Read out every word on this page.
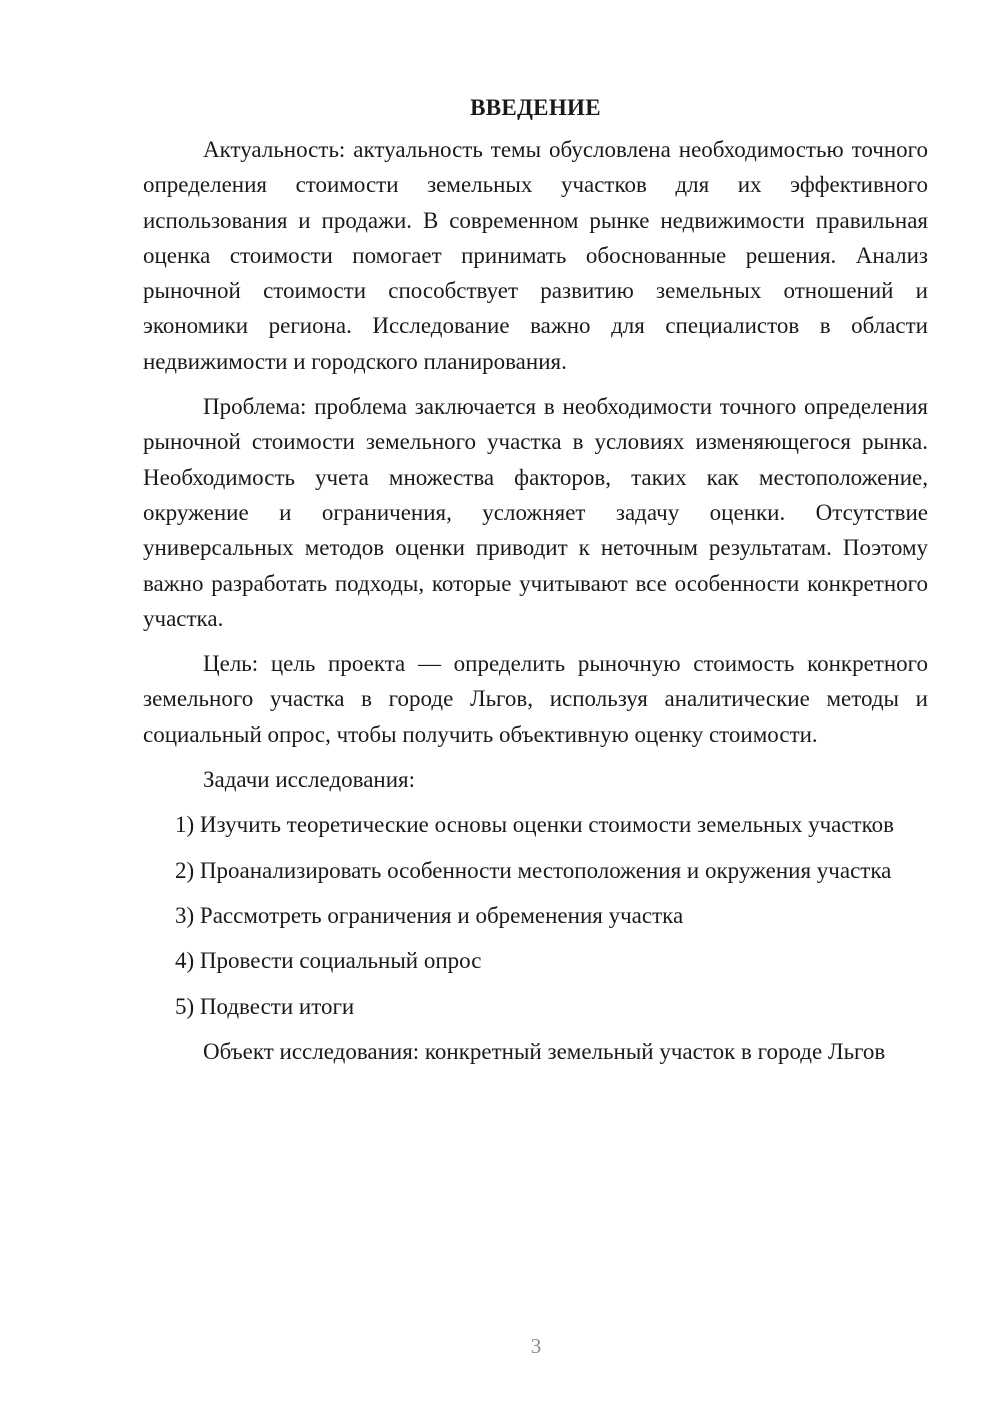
ВВЕДЕНИЕ

Актуальность: актуальность темы обусловлена необходимостью точного определения стоимости земельных участков для их эффективного использования и продажи. В современном рынке недвижимости правильная оценка стоимости помогает принимать обоснованные решения. Анализ рыночной стоимости способствует развитию земельных отношений и экономики региона. Исследование важно для специалистов в области недвижимости и городского планирования.

Проблема: проблема заключается в необходимости точного определения рыночной стоимости земельного участка в условиях изменяющегося рынка. Необходимость учета множества факторов, таких как местоположение, окружение и ограничения, усложняет задачу оценки. Отсутствие универсальных методов оценки приводит к неточным результатам. Поэтому важно разработать подходы, которые учитывают все особенности конкретного участка.

Цель: цель проекта — определить рыночную стоимость конкретного земельного участка в городе Льгов, используя аналитические методы и социальный опрос, чтобы получить объективную оценку стоимости.

Задачи исследования:

1) Изучить теоретические основы оценки стоимости земельных участков
2) Проанализировать особенности местоположения и окружения участка
3) Рассмотреть ограничения и обременения участка
4) Провести социальный опрос
5) Подвести итоги

Объект исследования: конкретный земельный участок в городе Льгов

3
